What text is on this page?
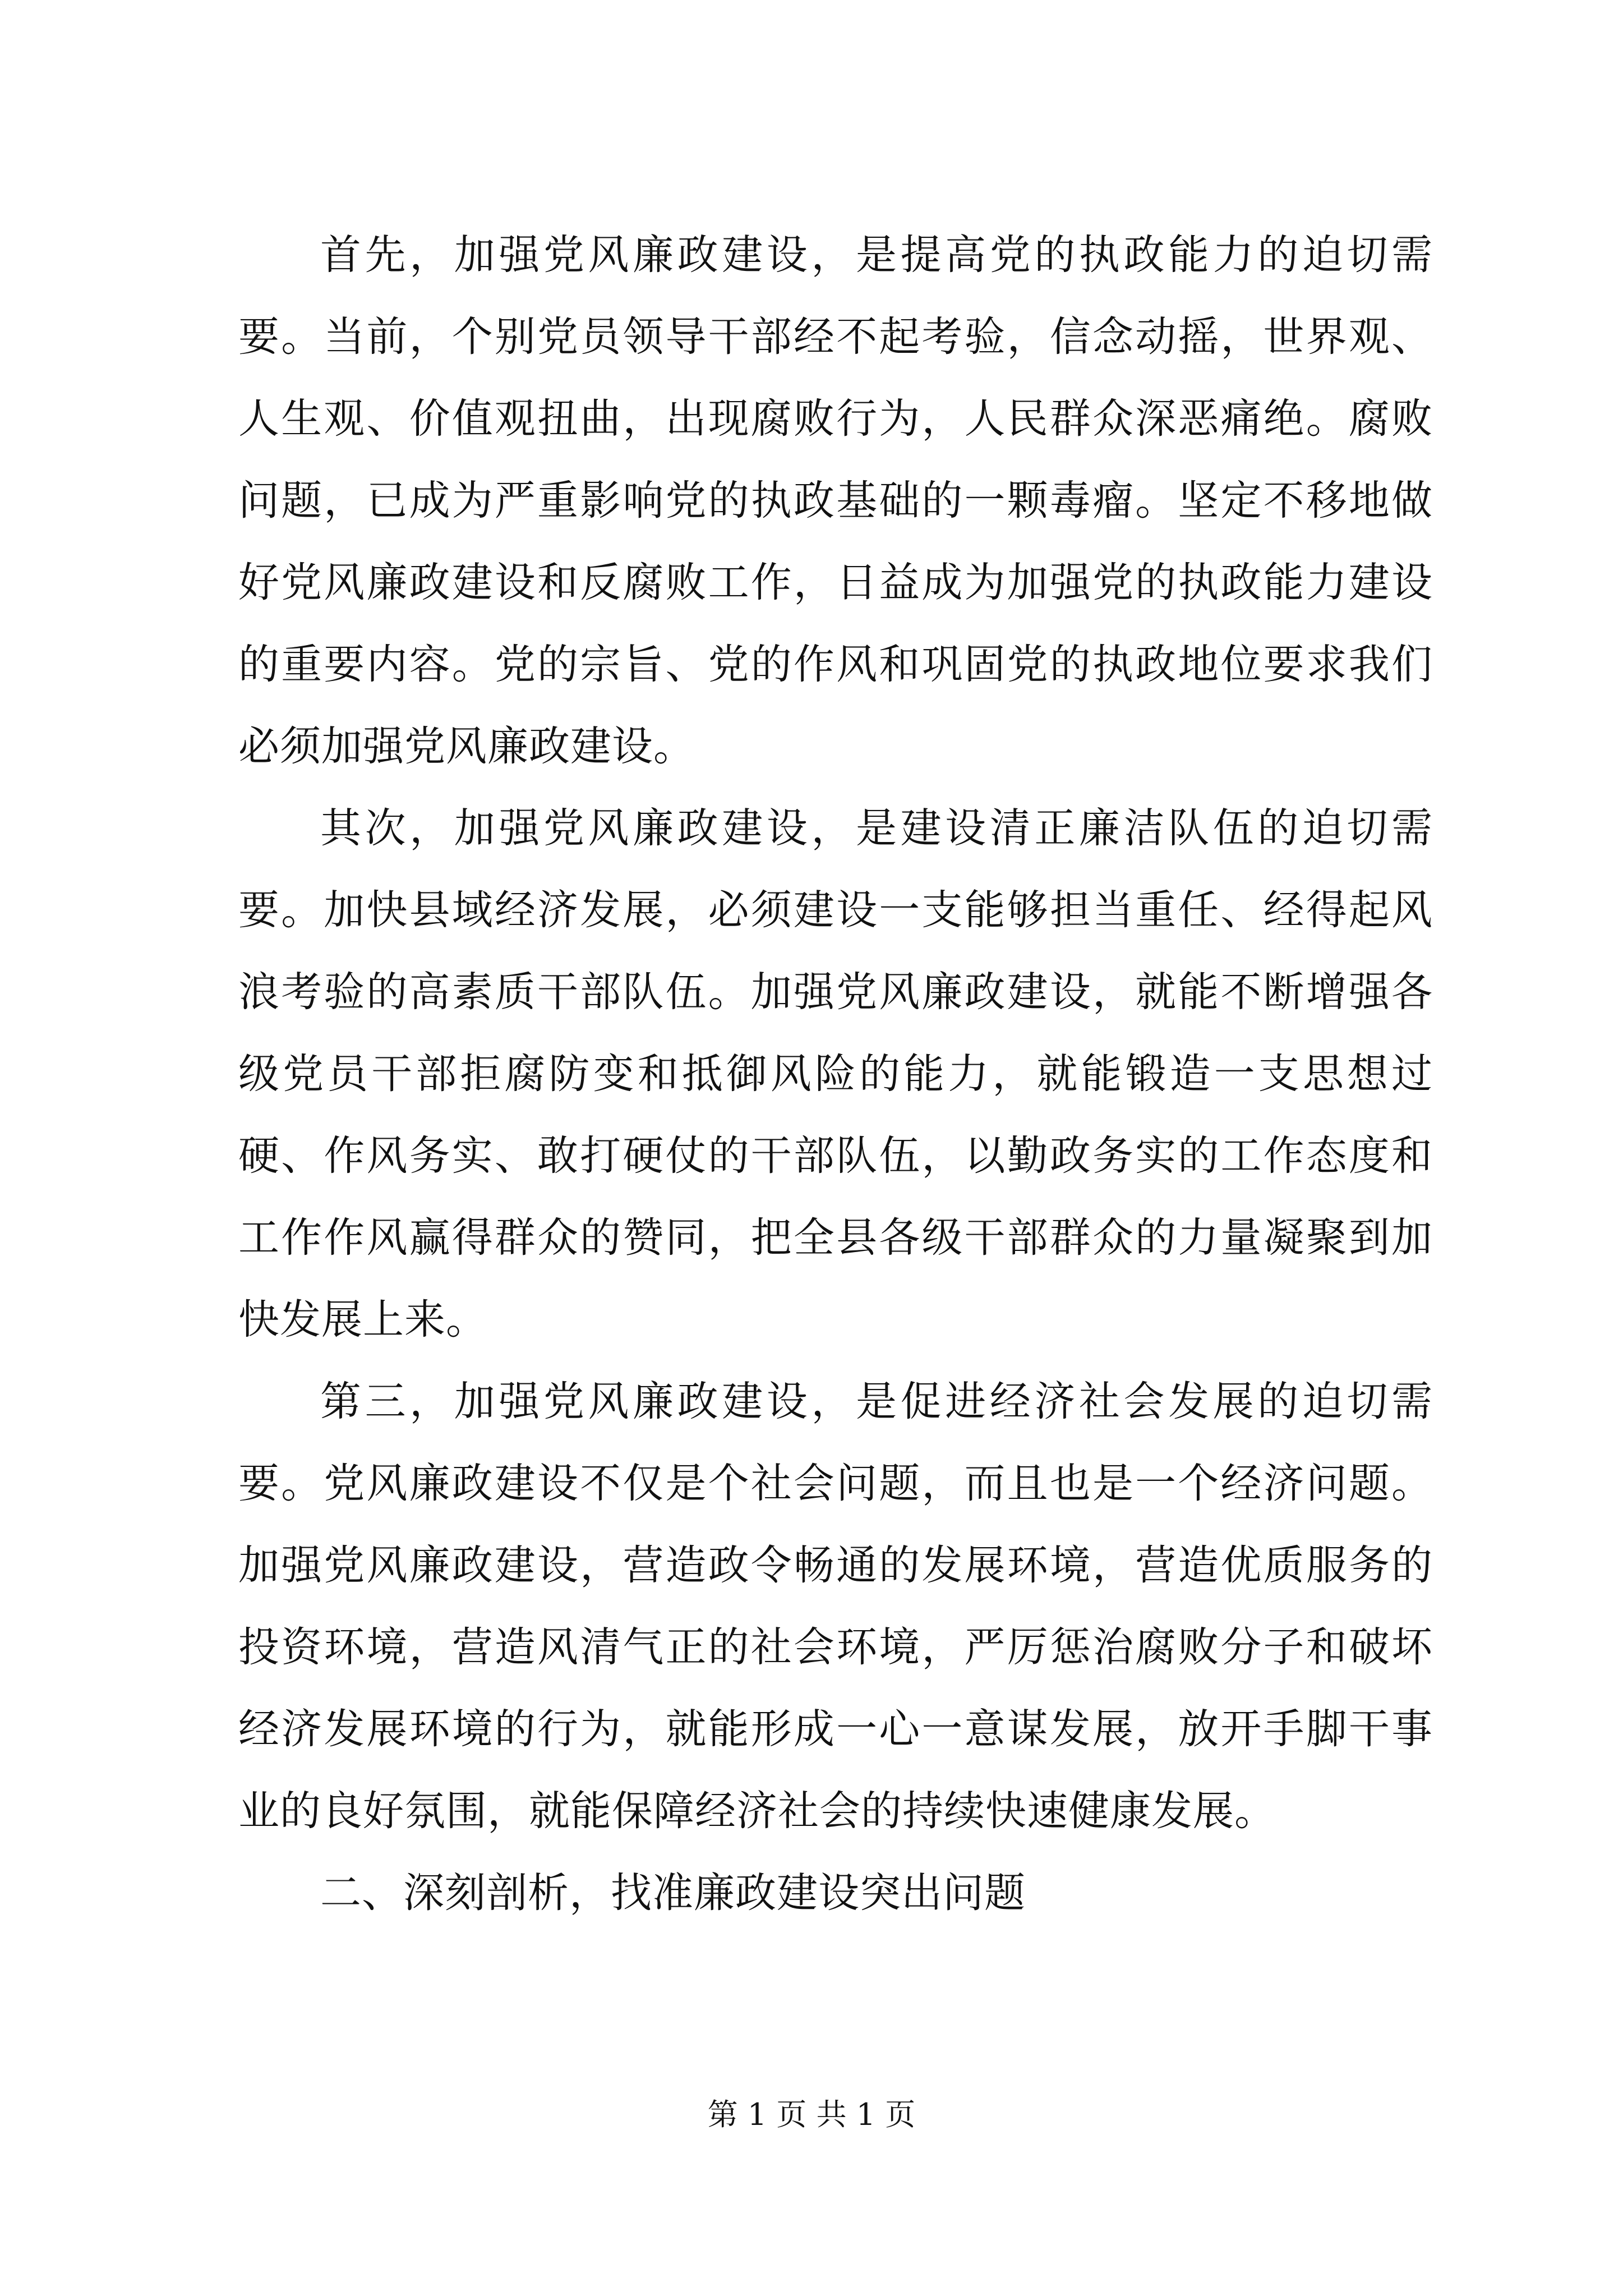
首先，加强党风廉政建设，是提高党的执政能力的迫切需要。当前，个别党员领导干部经不起考验，信念动摇，世界观、人生观、价值观扭曲，出现腐败行为，人民群众深恶痛绝。腐败问题，已成为严重影响党的执政基础的一颗毒瘤。坚定不移地做好党风廉政建设和反腐败工作，日益成为加强党的执政能力建设的重要内容。党的宗旨、党的作风和巩固党的执政地位要求我们必须加强党风廉政建设。

其次，加强党风廉政建设，是建设清正廉洁队伍的迫切需要。加快县域经济发展，必须建设一支能够担当重任、经得起风浪考验的高素质干部队伍。加强党风廉政建设，就能不断增强各级党员干部拒腐防变和抵御风险的能力，就能锻造一支思想过硬、作风务实、敢打硬仗的干部队伍，以勤政务实的工作态度和工作作风赢得群众的赞同，把全县各级干部群众的力量凝聚到加快发展上来。

第三，加强党风廉政建设，是促进经济社会发展的迫切需要。党风廉政建设不仅是个社会问题，而且也是一个经济问题。加强党风廉政建设，营造政令畅通的发展环境，营造优质服务的投资环境，营造风清气正的社会环境，严厉惩治腐败分子和破坏经济发展环境的行为，就能形成一心一意谋发展，放开手脚干事业的良好氛围，就能保障经济社会的持续快速健康发展。

二、深刻剖析，找准廉政建设突出问题

第 1 页 共 1 页
